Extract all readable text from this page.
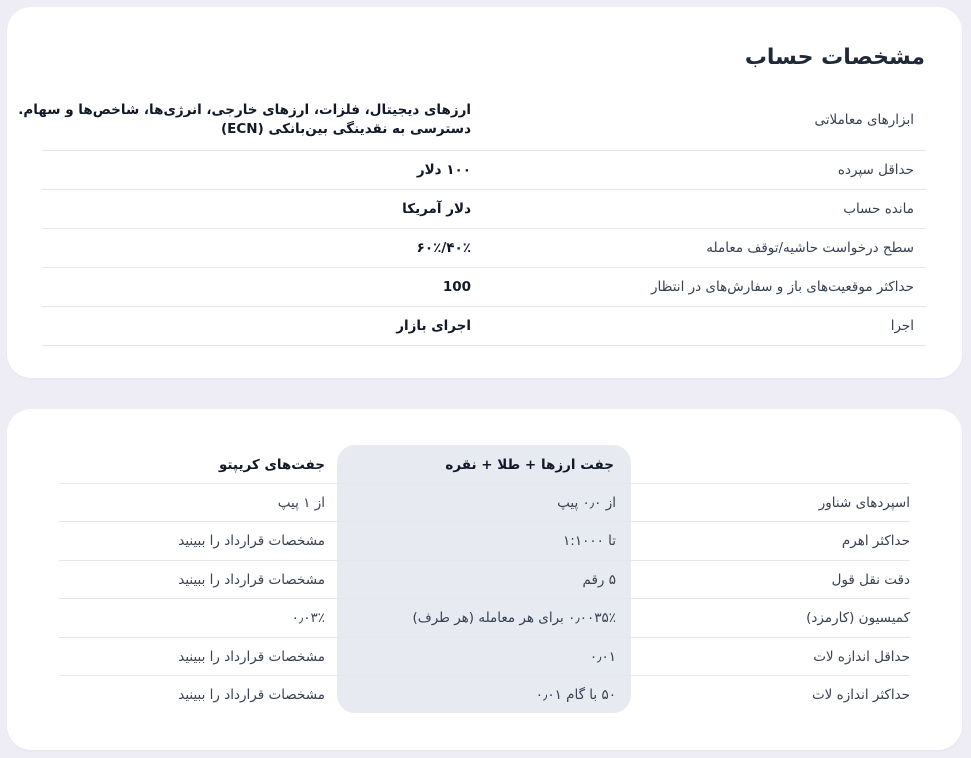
مشخصات حساب
ابزارهای معاملاتی
ارزهای دیجیتال، فلزات، ارزهای خارجی، انرژی‌ها، شاخص‌ها و سهام.
دسترسی به نقدینگی بین‌بانکی (ECN)
حداقل سپرده
۱۰۰ دلار
مانده حساب
دلار آمریکا
سطح درخواست حاشیه/توقف معامله
۴۰٪/۶۰٪
حداکثر موقعیت‌های باز و سفارش‌های در انتظار
100
اجرا
اجرای بازار
جفت ارزها + طلا + نقره
جفت‌های کریپتو
اسپردهای شناور
از ۰٫۰ پیپ
از ۱ پیپ
حداکثر اهرم
تا ۱:۱۰۰۰
مشخصات قرارداد را ببینید
دقت نقل قول
۵ رقم
مشخصات قرارداد را ببینید
کمیسیون (کارمزد)
۰٫۰۰۳۵٪ برای هر معامله (هر طرف)
۰٫۰۳٪
حداقل اندازه لات
۰٫۰۱
مشخصات قرارداد را ببینید
حداکثر اندازه لات
۵۰ با گام ۰٫۰۱
مشخصات قرارداد را ببینید
